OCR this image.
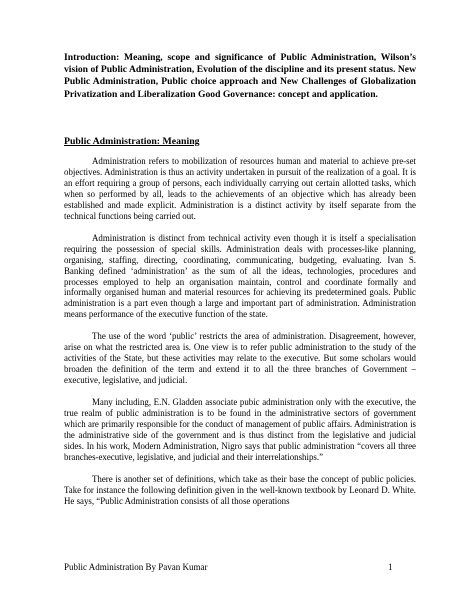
Introduction: Meaning, scope and significance of Public Administration, Wilson’s vision of Public Administration, Evolution of the discipline and its present status. New Public Administration, Public choice approach and New Challenges of Globalization Privatization and Liberalization Good Governance: concept and application.

Public Administration: Meaning

Administration refers to mobilization of resources human and material to achieve pre-set objectives. Administration is thus an activity undertaken in pursuit of the realization of a goal. It is an effort requiring a group of persons, each individually carrying out certain allotted tasks, which when so performed by all, leads to the achievements of an objective which has already been established and made explicit. Administration is a distinct activity by itself separate from the technical functions being carried out.

Administration is distinct from technical activity even though it is itself a specialisation requiring the possession of special skills. Administration deals with processes-like planning, organising, staffing, directing, coordinating, communicating, budgeting, evaluating. Ivan S. Banking defined ‘administration’ as the sum of all the ideas, technologies, procedures and processes employed to help an organisation maintain, control and coordinate formally and informally organised human and material resources for achieving its predetermined goals. Public administration is a part even though a large and important part of administration. Administration means performance of the executive function of the state.

The use of the word ‘public’ restricts the area of administration. Disagreement, however, arise on what the restricted area is. One view is to refer public administration to the study of the activities of the State, but these activities may relate to the executive. But some scholars would broaden the definition of the term and extend it to all the three branches of Government – executive, legislative, and judicial.

Many including, E.N. Gladden associate pubic administration only with the executive, the true realm of public administration is to be found in the administrative sectors of government which are primarily responsible for the conduct of management of public affairs. Administration is the administrative side of the government and is thus distinct from the legislative and judicial sides. In his work, Modern Administration, Nigro says that public administration “covers all three branches-executive, legislative, and judicial and their interrelationships.”

There is another set of definitions, which take as their base the concept of public policies. Take for instance the following definition given in the well-known textbook by Leonard D. White. He says, “Public Administration consists of all those operations

Public Administration By Pavan Kumar	1
